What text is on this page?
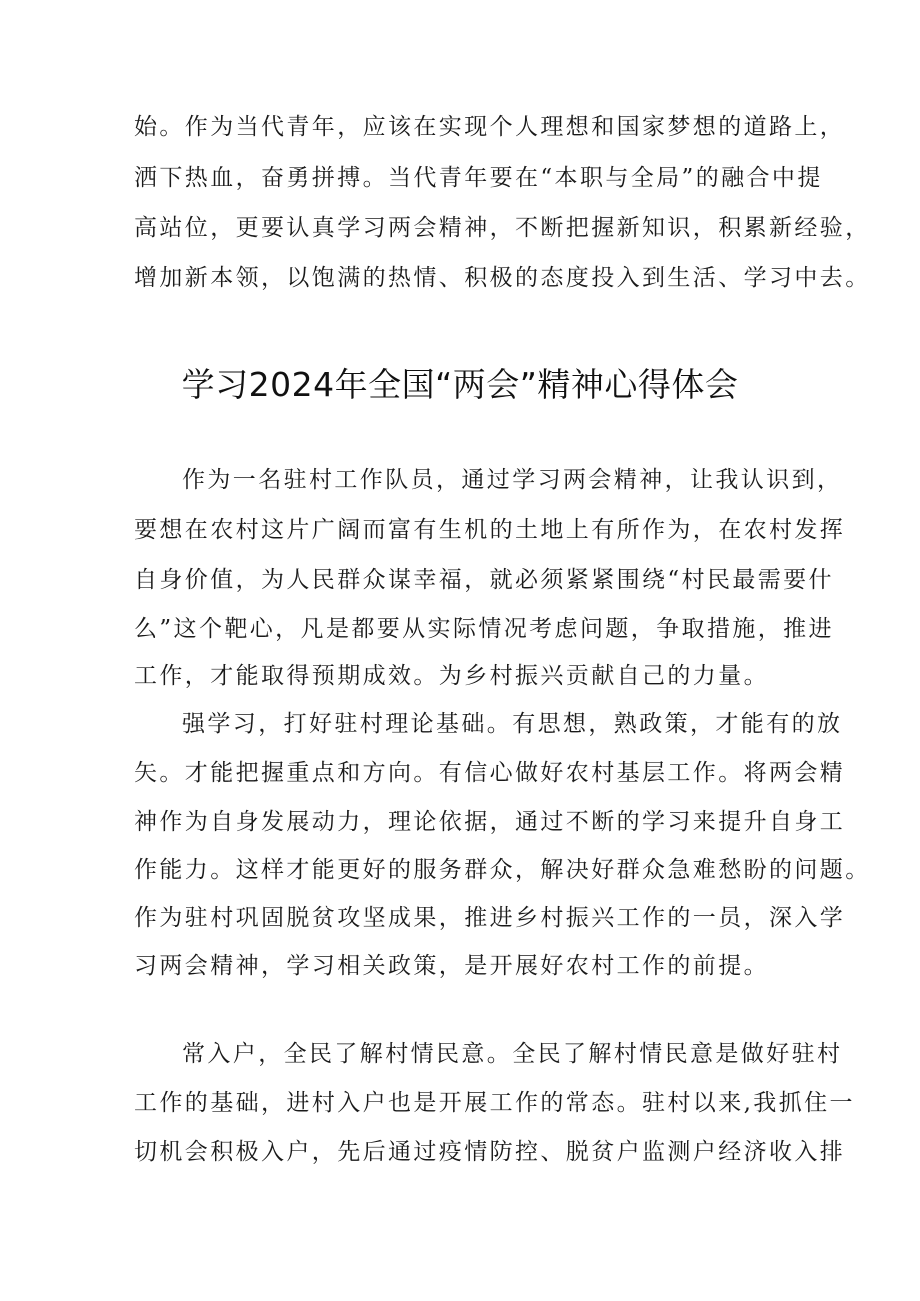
始。作为当代青年，应该在实现个人理想和国家梦想的道路上，
洒下热血，奋勇拼搏。当代青年要在“本职与全局”的融合中提
高站位，更要认真学习两会精神，不断把握新知识，积累新经验，
增加新本领，以饱满的热情、积极的态度投入到生活、学习中去。
学习2024年全国“两会”精神心得体会
作为一名驻村工作队员，通过学习两会精神，让我认识到，
要想在农村这片广阔而富有生机的土地上有所作为，在农村发挥
自身价值，为人民群众谋幸福，就必须紧紧围绕“村民最需要什
么”这个靶心，凡是都要从实际情况考虑问题，争取措施，推进
工作，才能取得预期成效。为乡村振兴贡献自己的力量。
强学习，打好驻村理论基础。有思想，熟政策，才能有的放
矢。才能把握重点和方向。有信心做好农村基层工作。将两会精
神作为自身发展动力，理论依据，通过不断的学习来提升自身工
作能力。这样才能更好的服务群众，解决好群众急难愁盼的问题。
作为驻村巩固脱贫攻坚成果，推进乡村振兴工作的一员，深入学
习两会精神，学习相关政策，是开展好农村工作的前提。
常入户，全民了解村情民意。全民了解村情民意是做好驻村
工作的基础，进村入户也是开展工作的常态。驻村以来,我抓住一
切机会积极入户，先后通过疫情防控、脱贫户监测户经济收入排
